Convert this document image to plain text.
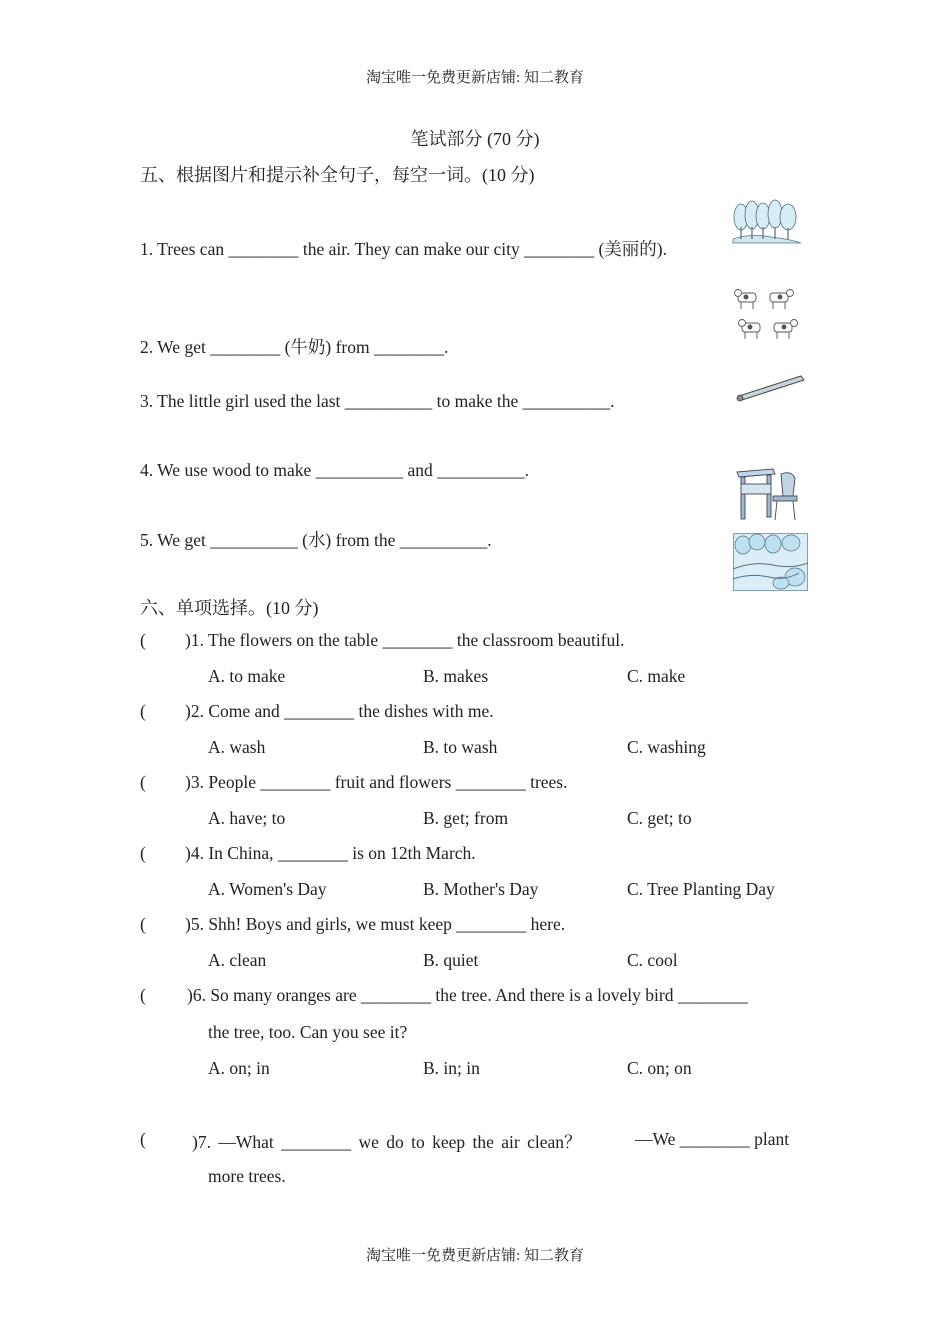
淘宝唯一免费更新店铺: 知二教育
笔试部分 (70 分)
五、根据图片和提示补全句子，每空一词。(10 分)
1. Trees can ________ the air. They can make our city ________ (美丽的).
2. We get ________ (牛奶) from ________.
3. The little girl used the last __________ to make the __________.
4. We use wood to make __________ and __________.
5. We get __________ (水) from the __________.
六、单项选择。(10 分)
( )1. The flowers on the table ________ the classroom beautiful.
A. to make	B. makes	C. make
( )2. Come and ________ the dishes with me.
A. wash	B. to wash	C. washing
( )3. People ________ fruit and flowers ________ trees.
A. have; to	B. get; from	C. get; to
( )4. In China, ________ is on 12th March.
A. Women's Day	B. Mother's Day	C. Tree Planting Day
( )5. Shh! Boys and girls, we must keep ________ here.
A. clean	B. quiet	C. cool
( )6. So many oranges are ________ the tree. And there is a lovely bird ________
the tree, too. Can you see it?
A. on; in	B. in; in	C. on; on
(	)7. —What ________ we do to keep the air clean？	—We ________ plant
more trees.
淘宝唯一免费更新店铺: 知二教育
